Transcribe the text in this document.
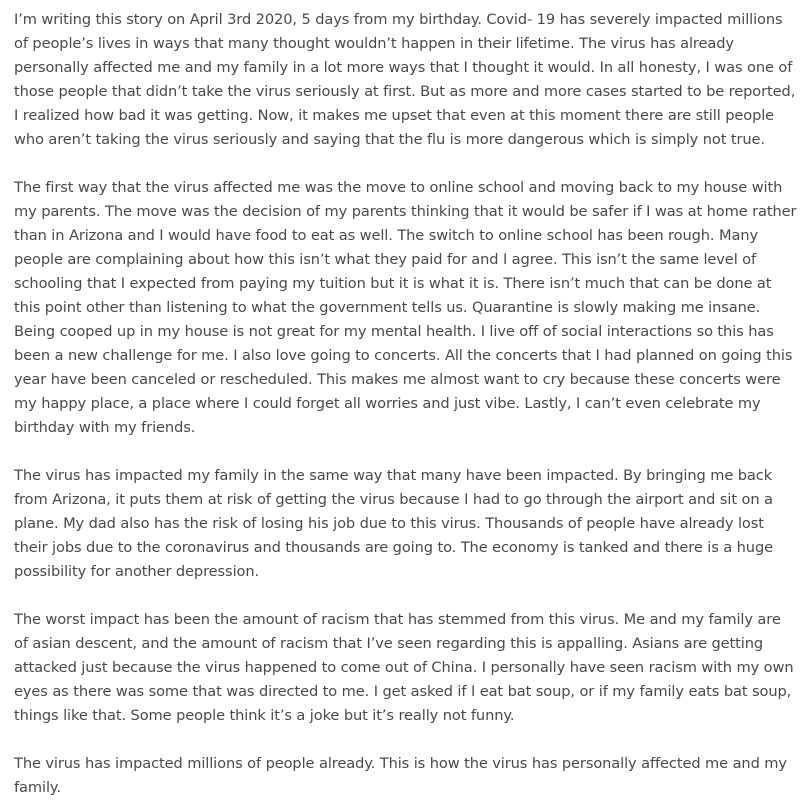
I’m writing this story on April 3rd 2020, 5 days from my birthday. Covid- 19 has severely impacted millions of people’s lives in ways that many thought wouldn’t happen in their lifetime. The virus has already personally affected me and my family in a lot more ways that I thought it would. In all honesty, I was one of those people that didn’t take the virus seriously at first. But as more and more cases started to be reported, I realized how bad it was getting. Now, it makes me upset that even at this moment there are still people who aren’t taking the virus seriously and saying that the flu is more dangerous which is simply not true.

The first way that the virus affected me was the move to online school and moving back to my house with my parents. The move was the decision of my parents thinking that it would be safer if I was at home rather than in Arizona and I would have food to eat as well. The switch to online school has been rough. Many people are complaining about how this isn’t what they paid for and I agree. This isn’t the same level of schooling that I expected from paying my tuition but it is what it is. There isn’t much that can be done at this point other than listening to what the government tells us. Quarantine is slowly making me insane. Being cooped up in my house is not great for my mental health. I live off of social interactions so this has been a new challenge for me. I also love going to concerts. All the concerts that I had planned on going this year have been canceled or rescheduled. This makes me almost want to cry because these concerts were my happy place, a place where I could forget all worries and just vibe. Lastly, I can’t even celebrate my birthday with my friends.

The virus has impacted my family in the same way that many have been impacted. By bringing me back from Arizona, it puts them at risk of getting the virus because I had to go through the airport and sit on a plane. My dad also has the risk of losing his job due to this virus. Thousands of people have already lost their jobs due to the coronavirus and thousands are going to. The economy is tanked and there is a huge possibility for another depression.

The worst impact has been the amount of racism that has stemmed from this virus. Me and my family are of asian descent, and the amount of racism that I’ve seen regarding this is appalling. Asians are getting attacked just because the virus happened to come out of China. I personally have seen racism with my own eyes as there was some that was directed to me. I get asked if I eat bat soup, or if my family eats bat soup, things like that. Some people think it’s a joke but it’s really not funny.

The virus has impacted millions of people already. This is how the virus has personally affected me and my family.
